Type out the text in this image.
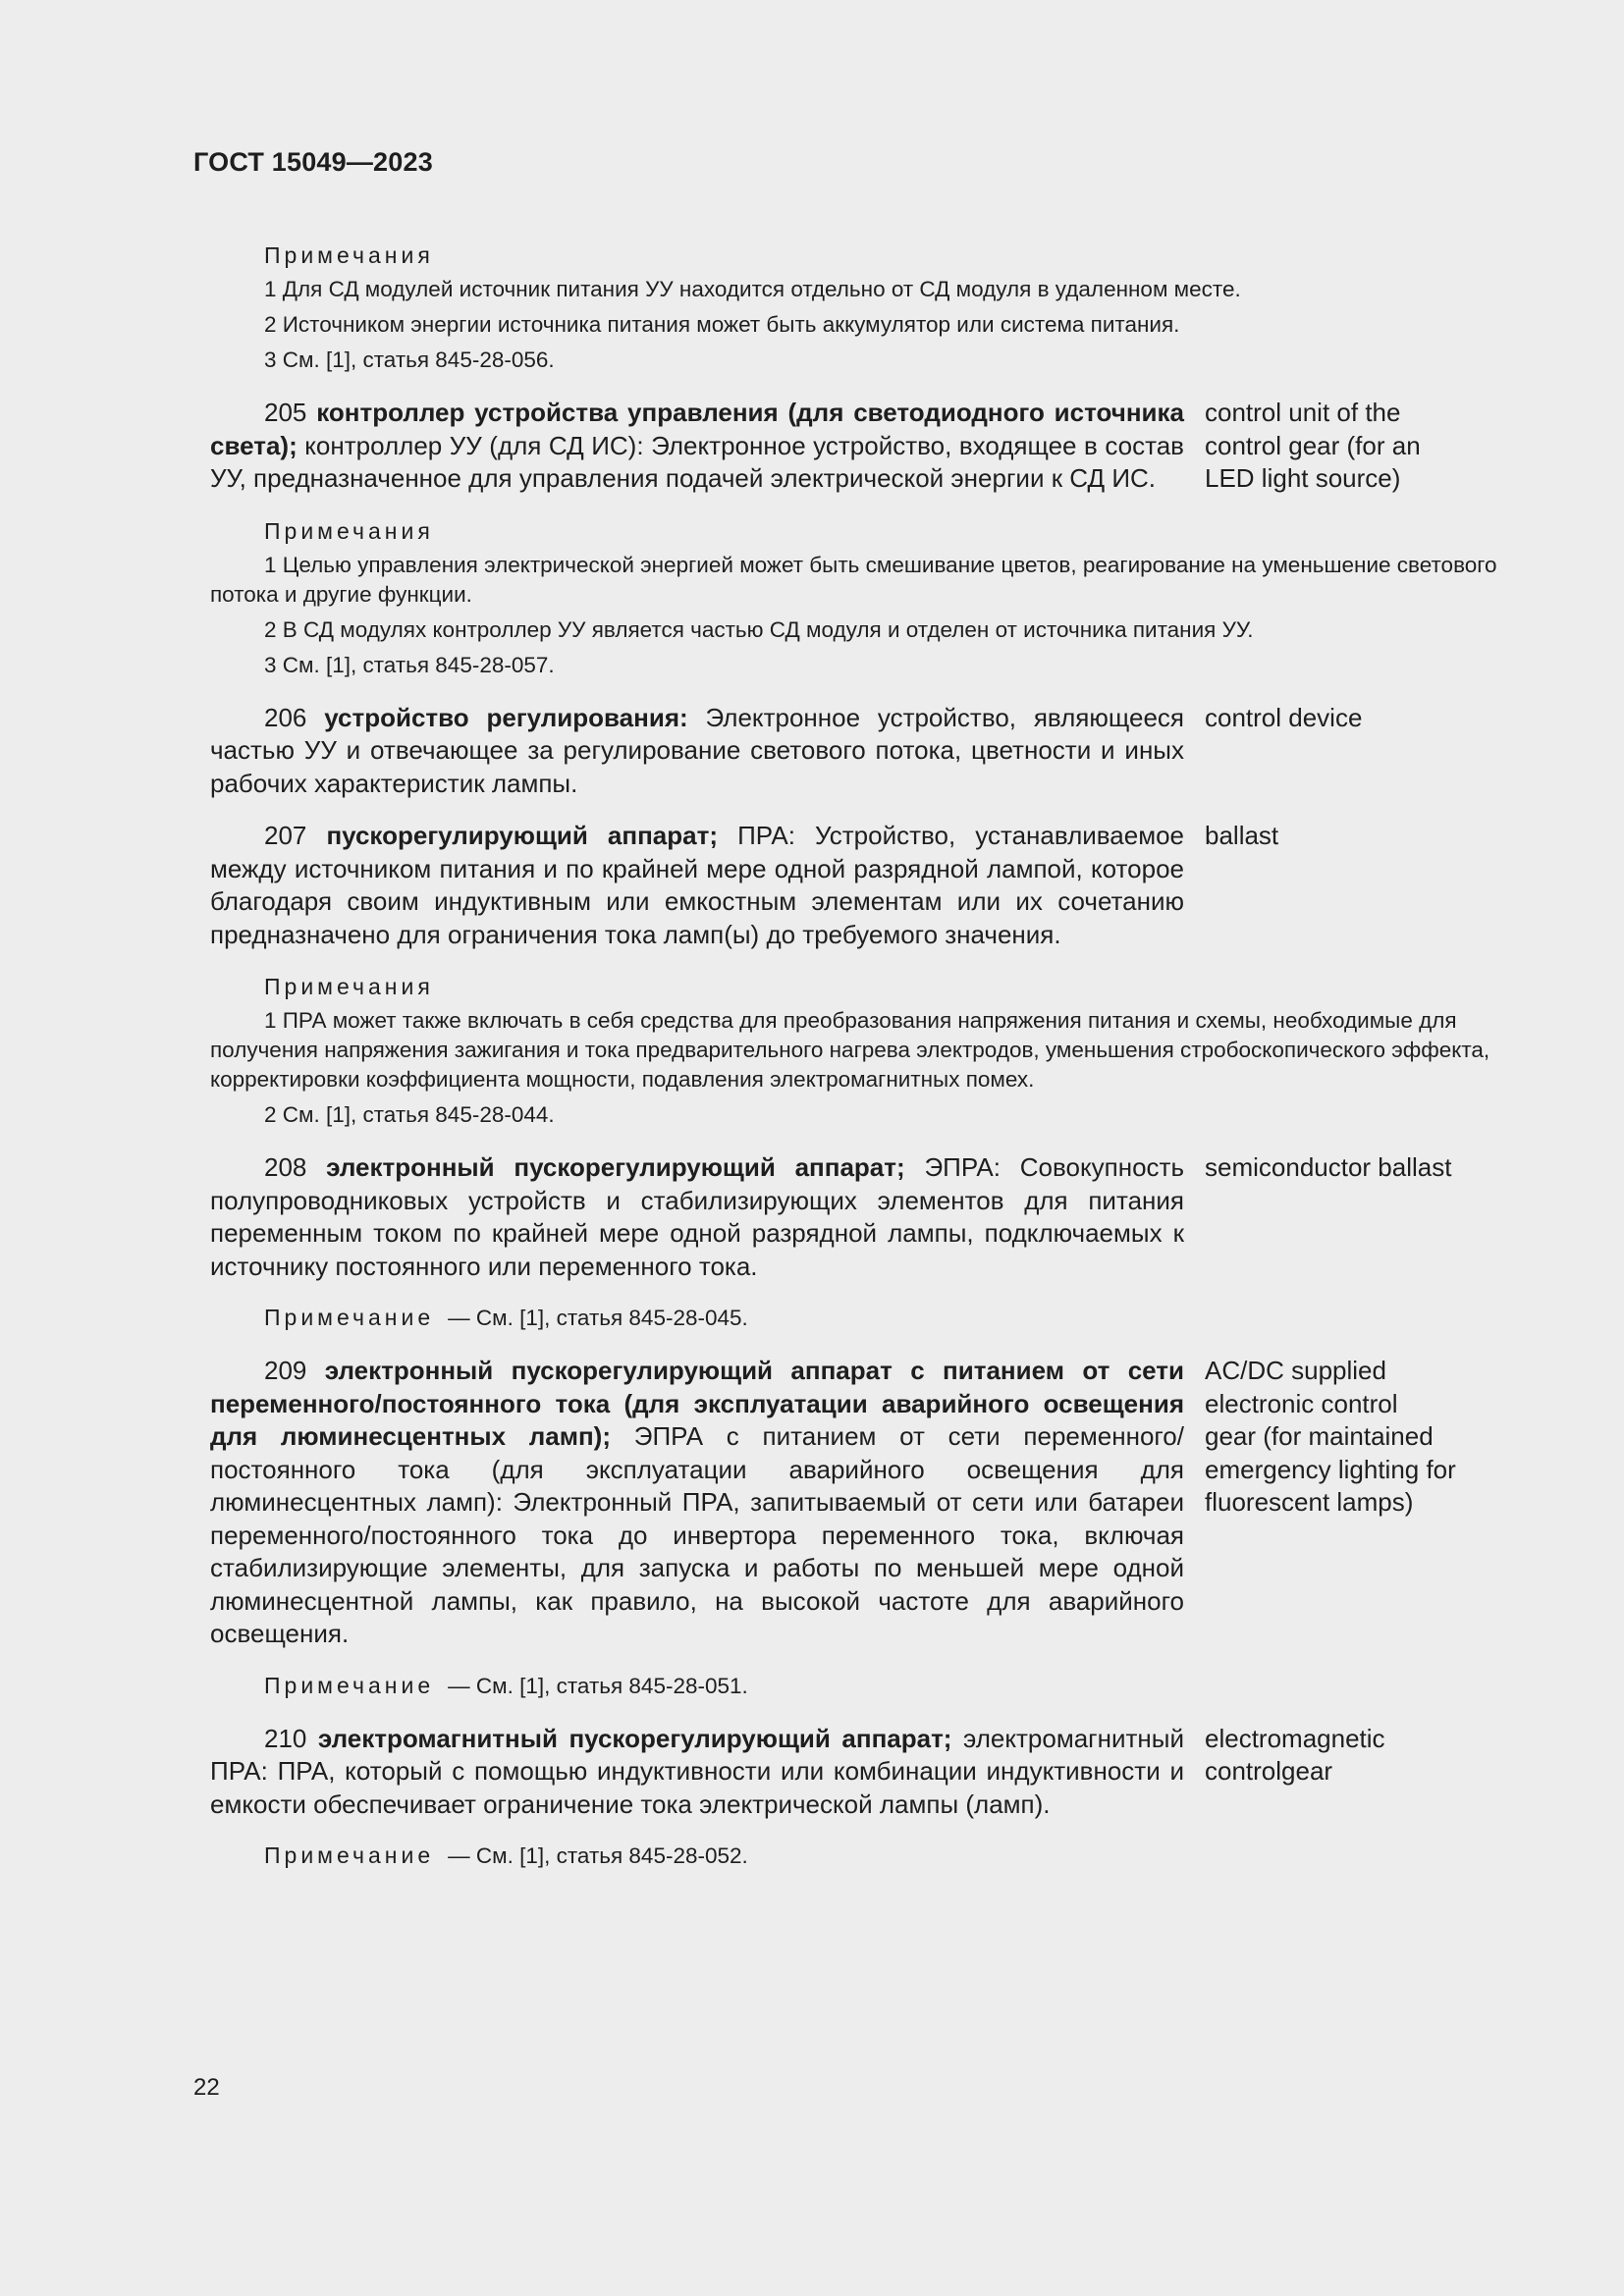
ГОСТ 15049—2023
Примечания

1 Для СД модулей источник питания УУ находится отдельно от СД модуля в удаленном месте.

2 Источником энергии источника питания может быть аккумулятор или система питания.

3 См. [1], статья 845-28-056.

205 контроллер устройства управления (для светодиодного источника света); контроллер УУ (для СД ИС): Электронное устройство, входящее в состав УУ, предназначенное для управления подачей электрической энергии к СД ИС.

control unit of the
control gear (for an
LED light source)
Примечания

1 Целью управления электрической энергией может быть смешивание цветов, реагирование на уменьшение светового потока и другие функции.

2 В СД модулях контроллер УУ является частью СД модуля и отделен от источника питания УУ.

3 См. [1], статья 845-28-057.

206 устройство регулирования: Электронное устройство, являющееся частью УУ и отвечающее за регулирование светового потока, цветности и иных рабочих характеристик лампы.

control device

207 пускорегулирующий аппарат; ПРА: Устройство, устанавливаемое между источником питания и по крайней мере одной разрядной лампой, которое благодаря своим индуктивным или емкостным элементам или их сочетанию предназначено для ограничения тока ламп(ы) до требуемого значения.

ballast
Примечания

1 ПРА может также включать в себя средства для преобразования напряжения питания и схемы, необходимые для получения напряжения зажигания и тока предварительного нагрева электродов, уменьшения стробоскопического эффекта, корректировки коэффициента мощности, подавления электромагнитных помех.

2 См. [1], статья 845-28-044.

208 электронный пускорегулирующий аппарат; ЭПРА: Совокупность полупроводниковых устройств и стабилизирующих элементов для питания переменным током по крайней мере одной разрядной лампы, подключаемых к источнику постоянного или переменного тока.

semiconductor ballast

Примечание — См. [1], статья 845-28-045.

209 электронный пускорегулирующий аппарат с питанием от сети переменного/постоянного тока (для эксплуатации аварийного освещения для люминесцентных ламп); ЭПРА с питанием от сети переменного/постоянного тока (для эксплуатации аварийного освещения для люминесцентных ламп): Электронный ПРА, запитываемый от сети или батареи переменного/постоянного тока до инвертора переменного тока, включая стабилизирующие элементы, для запуска и работы по меньшей мере одной люминесцентной лампы, как правило, на высокой частоте для аварийного освещения.

AC/DC supplied
electronic control
gear (for maintained
emergency lighting for
fluorescent lamps)

Примечание — См. [1], статья 845-28-051.

210 электромагнитный пускорегулирующий аппарат; электромагнитный ПРА: ПРА, который с помощью индуктивности или комбинации индуктивности и емкости обеспечивает ограничение тока электрической лампы (ламп).

electromagnetic
controlgear

Примечание — См. [1], статья 845-28-052.

22
